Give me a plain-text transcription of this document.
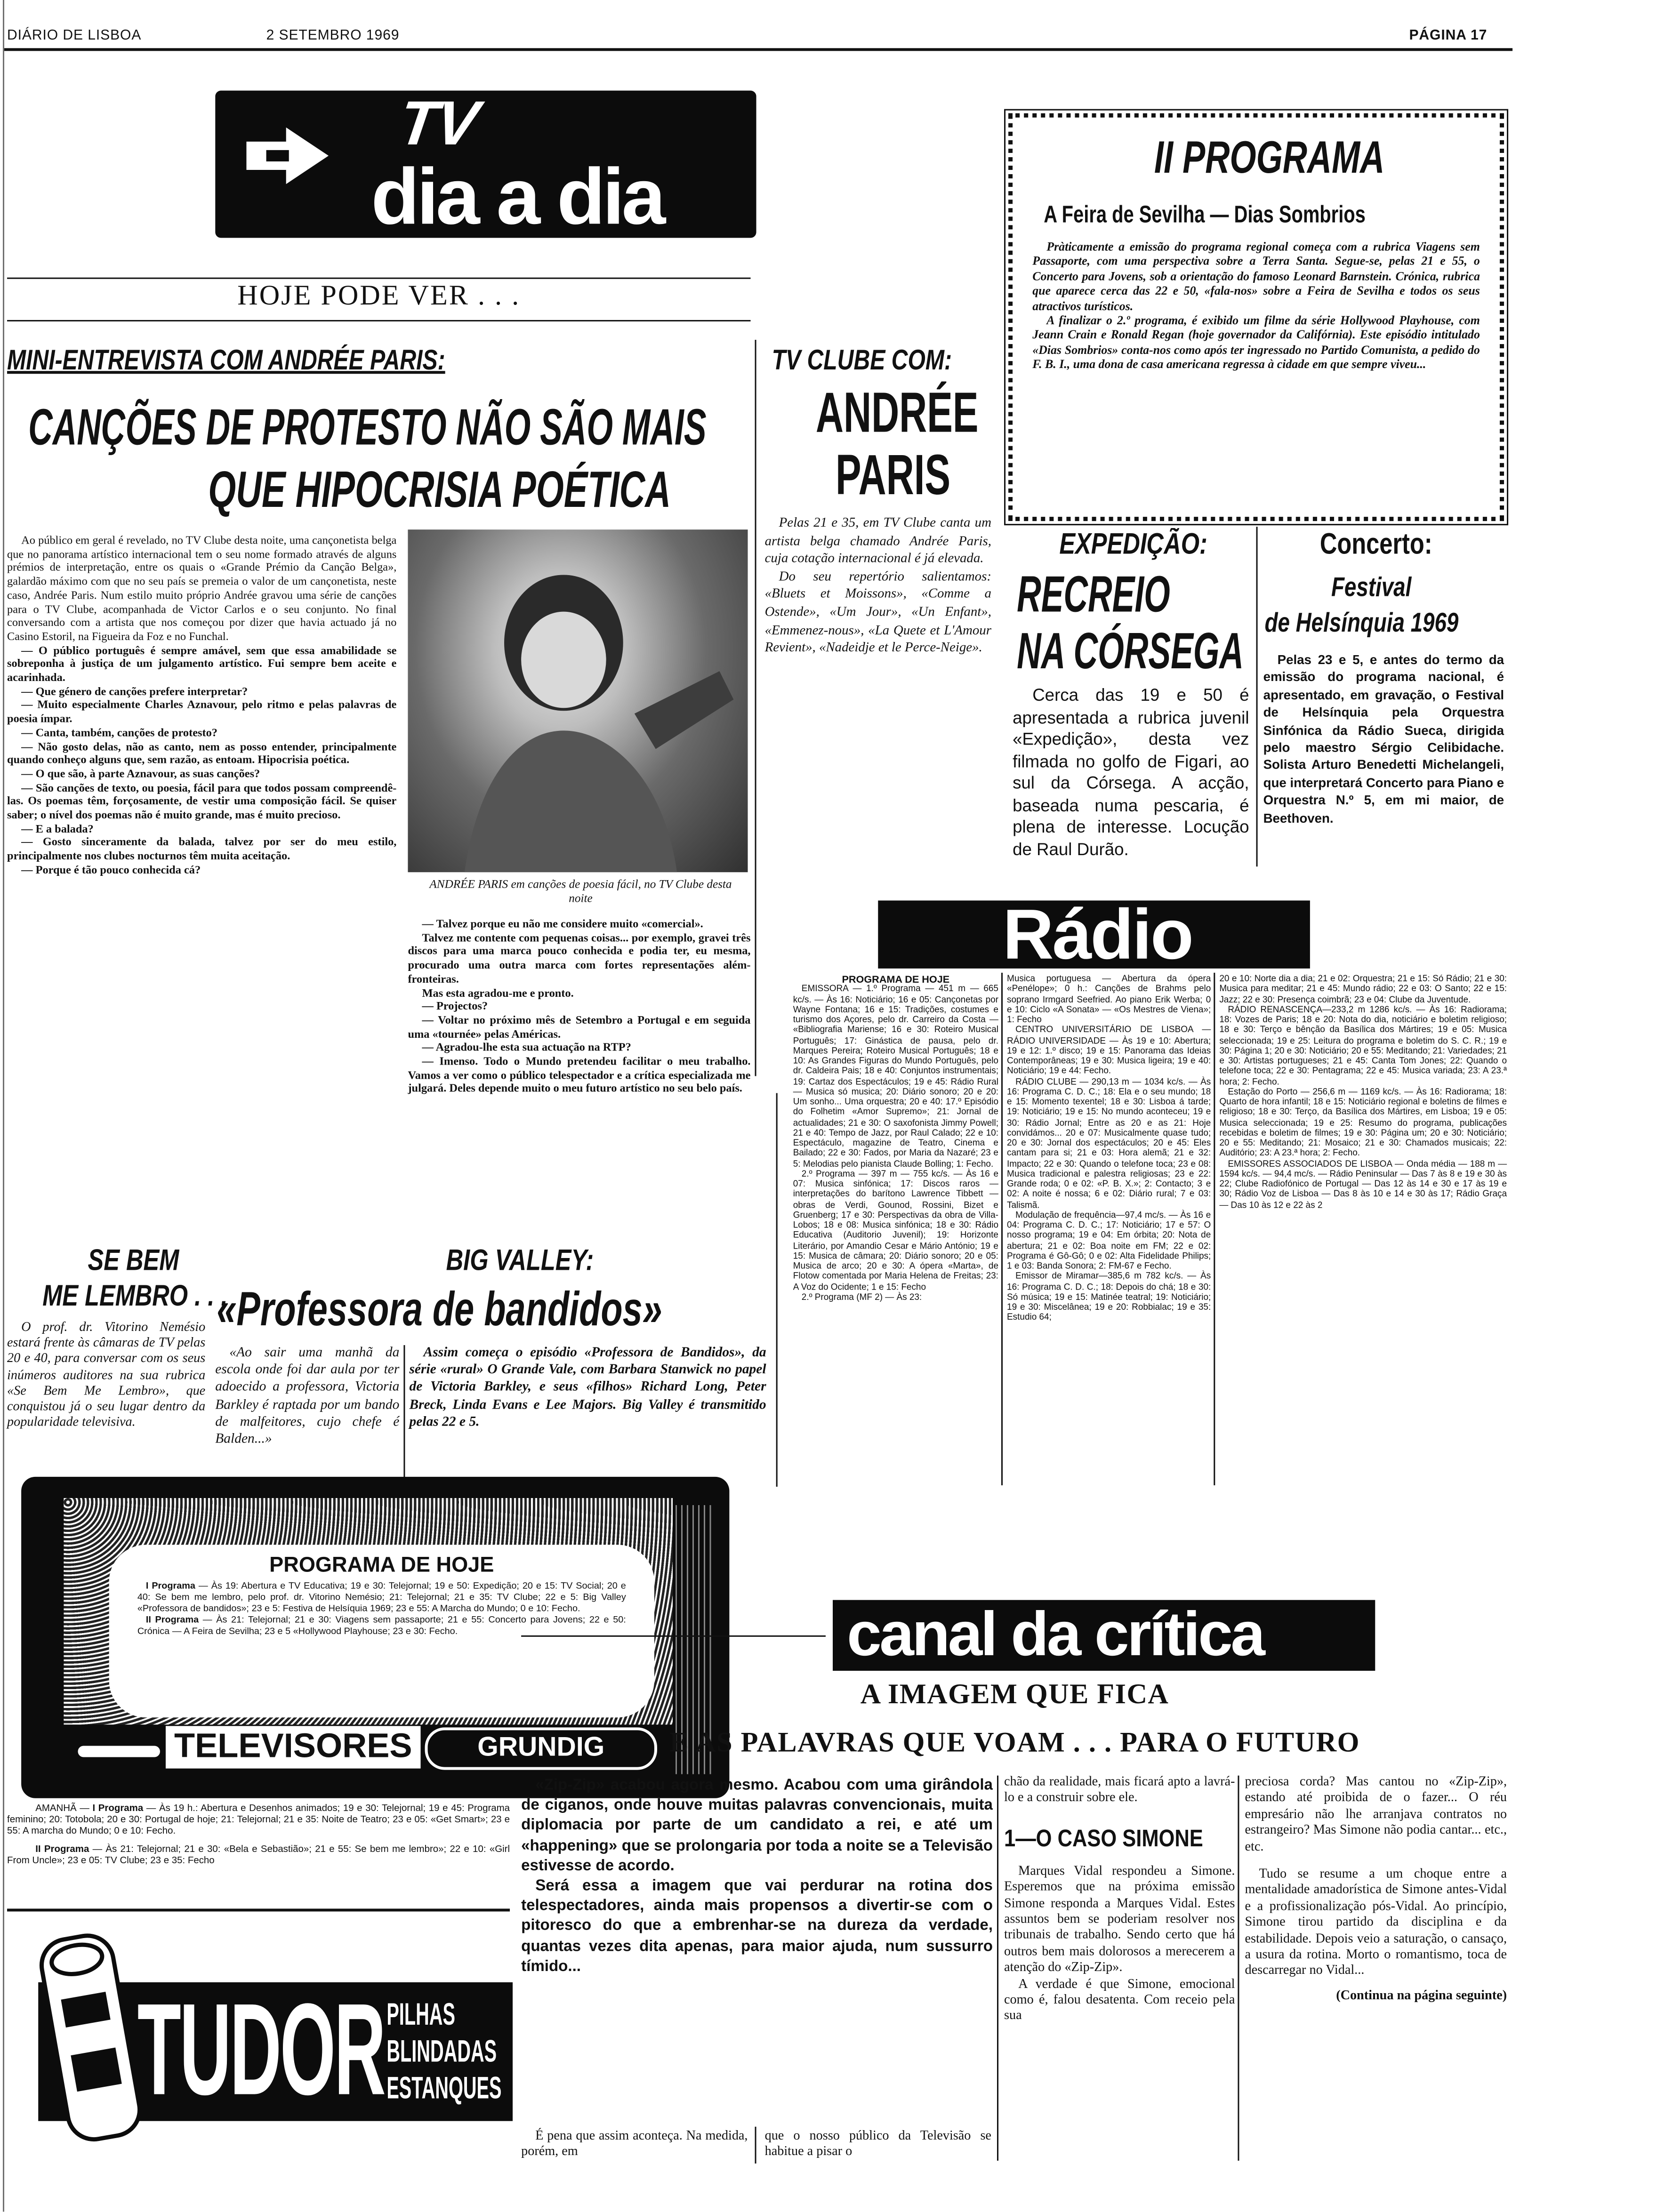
DIÁRIO DE LISBOA	2 SETEMBRO 1969	PÁGINA 17
TV
dia a dia
HOJE PODE VER . . .
MINI-ENTREVISTA COM ANDRÉE PARIS:
CANÇÕES DE PROTESTO NÃO SÃO MAIS
QUE HIPOCRISIA POÉTICA

Ao público em geral é revelado, no TV Clube desta noite, uma cançonetista belga que no panorama artístico internacional tem o seu nome formado através de alguns prémios de interpretação, entre os quais o «Grande Prémio da Canção Belga», galardão máximo com que no seu país se premeia o valor de um cançonetista, neste caso, Andrée Paris. Num estilo muito próprio Andrée gravou uma série de canções para o TV Clube, acompanhada de Victor Carlos e o seu conjunto. No final conversando com a artista que nos começou por dizer que havia actuado já no Casino Estoril, na Figueira da Foz e no Funchal.

— O público português é sempre amável, sem que essa amabilidade se sobreponha à justiça de um julgamento artístico. Fui sempre bem aceite e acarinhada.

— Que género de canções prefere interpretar?

— Muito especialmente Charles Aznavour, pelo ritmo e pelas palavras de poesia ímpar.

— Canta, também, canções de protesto?

— Não gosto delas, não as canto, nem as posso entender, principalmente quando conheço alguns que, sem razão, as entoam. Hipocrisia poética.

— O que são, à parte Aznavour, as suas canções?

— São canções de texto, ou poesia, fácil para que todos possam compreendê-las. Os poemas têm, forçosamente, de vestir uma composição fácil. Se quiser saber; o nível dos poemas não é muito grande, mas é muito precioso.

— E a balada?

— Gosto sinceramente da balada, talvez por ser do meu estilo, principalmente nos clubes nocturnos têm muita aceitação.

— Porque é tão pouco conhecida cá?

ANDRÉE PARIS em canções de poesia fácil, no TV Clube desta noite

— Talvez porque eu não me considere muito «comercial».

Talvez me contente com pequenas coisas... por exemplo, gravei três discos para uma marca pouco conhecida e podia ter, eu mesma, procurado uma outra marca com fortes representações além-fronteiras.

Mas esta agradou-me e pronto.

— Projectos?

— Voltar no próximo mês de Setembro a Portugal e em seguida uma «tournée» pelas Américas.

— Agradou-lhe esta sua actuação na RTP?

— Imenso. Todo o Mundo pretendeu facilitar o meu trabalho. Vamos a ver como o público telespectador e a crítica especializada me julgará. Deles depende muito o meu futuro artístico no seu belo país.

TV CLUBE COM:
ANDRÉE
PARIS

Pelas 21 e 35, em TV Clube canta um artista belga chamado Andrée Paris, cuja cotação internacional é já elevada.

Do seu repertório salientamos: «Bluets et Moissons», «Comme a Ostende», «Um Jour», «Un Enfant», «Emmenez-nous», «La Quete et L'Amour Revient», «Nadeidje et le Perce-Neige».

II PROGRAMA
A Feira de Sevilha — Dias Sombrios

Pràticamente a emissão do programa regional começa com a rubrica Viagens sem Passaporte, com uma perspectiva sobre a Terra Santa. Segue-se, pelas 21 e 55, o Concerto para Jovens, sob a orientação do famoso Leonard Barnstein. Crónica, rubrica que aparece cerca das 22 e 50, «fala-nos» sobre a Feira de Sevilha e todos os seus atractivos turísticos.

A finalizar o 2.º programa, é exibido um filme da série Hollywood Playhouse, com Jeann Crain e Ronald Regan (hoje governador da Califórnia). Este episódio intitulado «Dias Sombrios» conta-nos como após ter ingressado no Partido Comunista, a pedido do F. B. I., uma dona de casa americana regressa à cidade em que sempre viveu...

EXPEDIÇÃO:
RECREIO
NA CÓRSEGA
Cerca das 19 e 50 é apresentada a rubrica juvenil «Expedição», desta vez filmada no golfo de Figari, ao sul da Córsega. A acção, baseada numa pescaria, é plena de interesse. Locução de Raul Durão.
Concerto:
Festival
de Helsínquia 1969
Pelas 23 e 5, e antes do termo da emissão do programa nacional, é apresentado, em gravação, o Festival de Helsínquia pela Orquestra Sinfónica da Rádio Sueca, dirigida pelo maestro Sérgio Celibidache. Solista Arturo Benedetti Michelangeli, que interpretará Concerto para Piano e Orquestra N.º 5, em mi maior, de Beethoven.
Rádio
PROGRAMA DE HOJE

EMISSORA — 1.º Programa — 451 m — 665 kc/s. — Às 16: Noticiário; 16 e 05: Cançonetas por Wayne Fontana; 16 e 15: Tradições, costumes e turismo dos Açores, pelo dr. Carreiro da Costa — «Bibliografia Mariense; 16 e 30: Roteiro Musical Português; 17: Ginástica de pausa, pelo dr. Marques Pereira; Roteiro Musical Português; 18 e 10: As Grandes Figuras do Mundo Português, pelo dr. Caldeira Pais; 18 e 40: Conjuntos instrumentais; 19: Cartaz dos Espectáculos; 19 e 45: Rádio Rural — Musica só musica; 20: Diário sonoro; 20 e 20: Um sonho... Uma orquestra; 20 e 40: 17.º Episódio do Folhetim «Amor Supremo»; 21: Jornal de actualidades; 21 e 30: O saxofonista Jimmy Powell; 21 e 40: Tempo de Jazz, por Raul Calado; 22 e 10: Espectáculo, magazine de Teatro, Cinema e Bailado; 22 e 30: Fados, por Maria da Nazaré; 23 e 5: Melodias pelo pianista Claude Bolling; 1: Fecho.

2.º Programa — 397 m — 755 kc/s. — Às 16 e 07: Musica sinfónica; 17: Discos raros — interpretações do barítono Lawrence Tibbett — obras de Verdi, Gounod, Rossini, Bizet e Gruenberg; 17 e 30: Perspectivas da obra de Villa-Lobos; 18 e 08: Musica sinfónica; 18 e 30: Rádio Educativa (Auditorio Juvenil); 19: Horizonte Literário, por Amandio Cesar e Mário António; 19 e 15: Musica de câmara; 20: Diário sonoro; 20 e 05: Musica de arco; 20 e 30: A ópera «Marta», de Flotow comentada por Maria Helena de Freitas; 23: A Voz do Ocidente; 1 e 15: Fecho

2.º Programa (MF 2) — Às 23:

Musica portuguesa — Abertura da ópera «Penélope»; 0 h.: Canções de Brahms pelo soprano Irmgard Seefried. Ao piano Erik Werba; 0 e 10: Ciclo «A Sonata» — «Os Mestres de Viena»; 1: Fecho

CENTRO UNIVERSITÁRIO DE LISBOA — RÁDIO UNIVERSIDADE — Às 19 e 10: Abertura; 19 e 12: 1.º disco; 19 e 15: Panorama das Ideias Contemporâneas; 19 e 30: Musica ligeira; 19 e 40: Noticiário; 19 e 44: Fecho.

RÁDIO CLUBE — 290,13 m — 1034 kc/s. — Às 16: Programa C. D. C.; 18: Ela e o seu mundo; 18 e 15: Momento texentel; 18 e 30: Lisboa á tarde; 19: Noticiário; 19 e 15: No mundo aconteceu; 19 e 30: Rádio Jornal; Entre as 20 e as 21: Hoje convidámos... 20 e 07: Musicalmente quase tudo; 20 e 30: Jornal dos espectáculos; 20 e 45: Eles cantam para si; 21 e 03: Hora alemã; 21 e 32: Impacto; 22 e 30: Quando o telefone toca; 23 e 08: Musica tradicional e palestra religiosas; 23 e 22: Grande roda; 0 e 02: «P. B. X.»; 2: Contacto; 3 e 02: A noite é nossa; 6 e 02: Diário rural; 7 e 03: Talismã.

Modulação de frequência—97,4 mc/s. — Às 16 e 04: Programa C. D. C.; 17: Noticiário; 17 e 57: O nosso programa; 19 e 04: Em órbita; 20: Nota de abertura; 21 e 02: Boa noite em FM; 22 e 02: Programa é Gô-Gô; 0 e 02: Alta Fidelidade Philips; 1 e 03: Banda Sonora; 2: FM-67 e Fecho.

Emissor de Miramar—385,6 m 782 kc/s. — Às 16: Programa C. D. C.; 18: Depois do chá; 18 e 30: Só música; 19 e 15: Matinée teatral; 19: Noticiário; 19 e 30: Miscelânea; 19 e 20: Robbialac; 19 e 35: Estudio 64;

20 e 10: Norte dia a dia; 21 e 02: Orquestra; 21 e 15: Só Rádio; 21 e 30: Musica para meditar; 21 e 45: Mundo rádio; 22 e 03: O Santo; 22 e 15: Jazz; 22 e 30: Presença coimbrã; 23 e 04: Clube da Juventude.

RÁDIO RENASCENÇA—233,2 m 1286 kc/s. — Às 16: Radiorama; 18: Vozes de Paris; 18 e 20: Nota do dia, noticiário e boletim religioso; 18 e 30: Terço e bênção da Basílica dos Mártires; 19 e 05: Musica seleccionada; 19 e 25: Leitura do programa e boletim do S. C. R.; 19 e 30: Página 1; 20 e 30: Noticiário; 20 e 55: Meditando; 21: Variedades; 21 e 30: Artistas portugueses; 21 e 45: Canta Tom Jones; 22: Quando o telefone toca; 22 e 30: Pentagrama; 22 e 45: Musica variada; 23: A 23.ª hora; 2: Fecho.

Estação do Porto — 256,6 m — 1169 kc/s. — Às 16: Radiorama; 18: Quarto de hora infantil; 18 e 15: Noticiário regional e boletins de filmes e religioso; 18 e 30: Terço, da Basílica dos Mártires, em Lisboa; 19 e 05: Musica seleccionada; 19 e 25: Resumo do programa, publicações recebidas e boletim de filmes; 19 e 30: Página um; 20 e 30: Noticiário; 20 e 55: Meditando; 21: Mosaico; 21 e 30: Chamados musicais; 22: Auditório; 23: A 23.ª hora; 2: Fecho.

EMISSORES ASSOCIADOS DE LISBOA — Onda média — 188 m — 1594 kc/s. — 94,4 mc/s. — Rádio Peninsular — Das 7 às 8 e 19 e 30 às 22; Clube Radiofónico de Portugal — Das 12 às 14 e 30 e 17 às 19 e 30; Rádio Voz de Lisboa — Das 8 às 10 e 14 e 30 às 17; Rádio Graça — Das 10 às 12 e 22 às 2

SE BEM
ME LEMBRO . . .
O prof. dr. Vitorino Nemésio estará frente às câmaras de TV pelas 20 e 40, para conversar com os seus inúmeros auditores na sua rubrica «Se Bem Me Lembro», que conquistou já o seu lugar dentro da popularidade televisiva.
BIG VALLEY:
«Professora de bandidos»
«Ao sair uma manhã da escola onde foi dar aula por ter adoecido a professora, Victoria Barkley é raptada por um bando de malfeitores, cujo chefe é Balden...»
Assim começa o episódio «Professora de Bandidos», da série «rural» O Grande Vale, com Barbara Stanwick no papel de Victoria Barkley, e seus «filhos» Richard Long, Peter Breck, Linda Evans e Lee Majors. Big Valley é transmitido pelas 22 e 5.
PROGRAMA DE HOJE

I Programa — Às 19: Abertura e TV Educativa; 19 e 30: Telejornal; 19 e 50: Expedição; 20 e 15: TV Social; 20 e 40: Se bem me lembro, pelo prof. dr. Vitorino Nemésio; 21: Telejornal; 21 e 35: TV Clube; 22 e 5: Big Valley «Professora de bandidos»; 23 e 5: Festiva de Helsíquia 1969; 23 e 55: A Marcha do Mundo; 0 e 10: Fecho.

II Programa — Às 21: Telejornal; 21 e 30: Viagens sem passaporte; 21 e 55: Concerto para Jovens; 22 e 50: Crónica — A Feira de Sevilha; 23 e 5 «Hollywood Playhouse; 23 e 30: Fecho.

TELEVISORES	GRUNDIG

AMANHÃ — I Programa — Às 19 h.: Abertura e Desenhos animados; 19 e 30: Telejornal; 19 e 45: Programa feminino; 20: Totobola; 20 e 30: Portugal de hoje; 21: Telejornal; 21 e 35: Noite de Teatro; 23 e 05: «Get Smart»; 23 e 55: A marcha do Mundo; 0 e 10: Fecho.

II Programa — Às 21: Telejornal; 21 e 30: «Bela e Sebastião»; 21 e 55: Se bem me lembro»; 22 e 10: «Girl From Uncle»; 23 e 05: TV Clube; 23 e 35: Fecho

TUDOR PILHAS
BLINDADAS
ESTANQUES
canal da crítica
A IMAGEM QUE FICA
E AS PALAVRAS QUE VOAM . . . PARA O FUTURO

«Zip-Zip» acabou agora mesmo. Acabou com uma girândola de ciganos, onde houve muitas palavras convencionais, muita diplomacia por parte de um candidato a rei, e até um «happening» que se prolongaria por toda a noite se a Televisão estivesse de acordo.

Será essa a imagem que vai perdurar na rotina dos telespectadores, ainda mais propensos a divertir-se com o pitoresco do que a embrenhar-se na dureza da verdade, quantas vezes dita apenas, para maior ajuda, num sussurro tímido...

É pena que assim aconteça. Na medida, porém, em
que o nosso público da Televisão se habitue a pisar o

chão da realidade, mais ficará apto a lavrá-lo e a construir sobre ele.

1—O CASO SIMONE

Marques Vidal respondeu a Simone. Esperemos que na próxima emissão Simone responda a Marques Vidal. Estes assuntos bem se poderiam resolver nos tribunais de trabalho. Sendo certo que há outros bem mais dolorosos a merecerem a atenção do «Zip-Zip».

A verdade é que Simone, emocional como é, falou desatenta. Com receio pela sua

preciosa corda? Mas cantou no «Zip-Zip», estando até proibida de o fazer... O réu empresário não lhe arranjava contratos no estrangeiro? Mas Simone não podia cantar... etc., etc.

Tudo se resume a um choque entre a mentalidade amadorística de Simone antes-Vidal e a profissionalização pós-Vidal. Ao princípio, Simone tirou partido da disciplina e da estabilidade. Depois veio a saturação, o cansaço, a usura da rotina. Morto o romantismo, toca de descarregar no Vidal...

(Continua na página seguinte)
